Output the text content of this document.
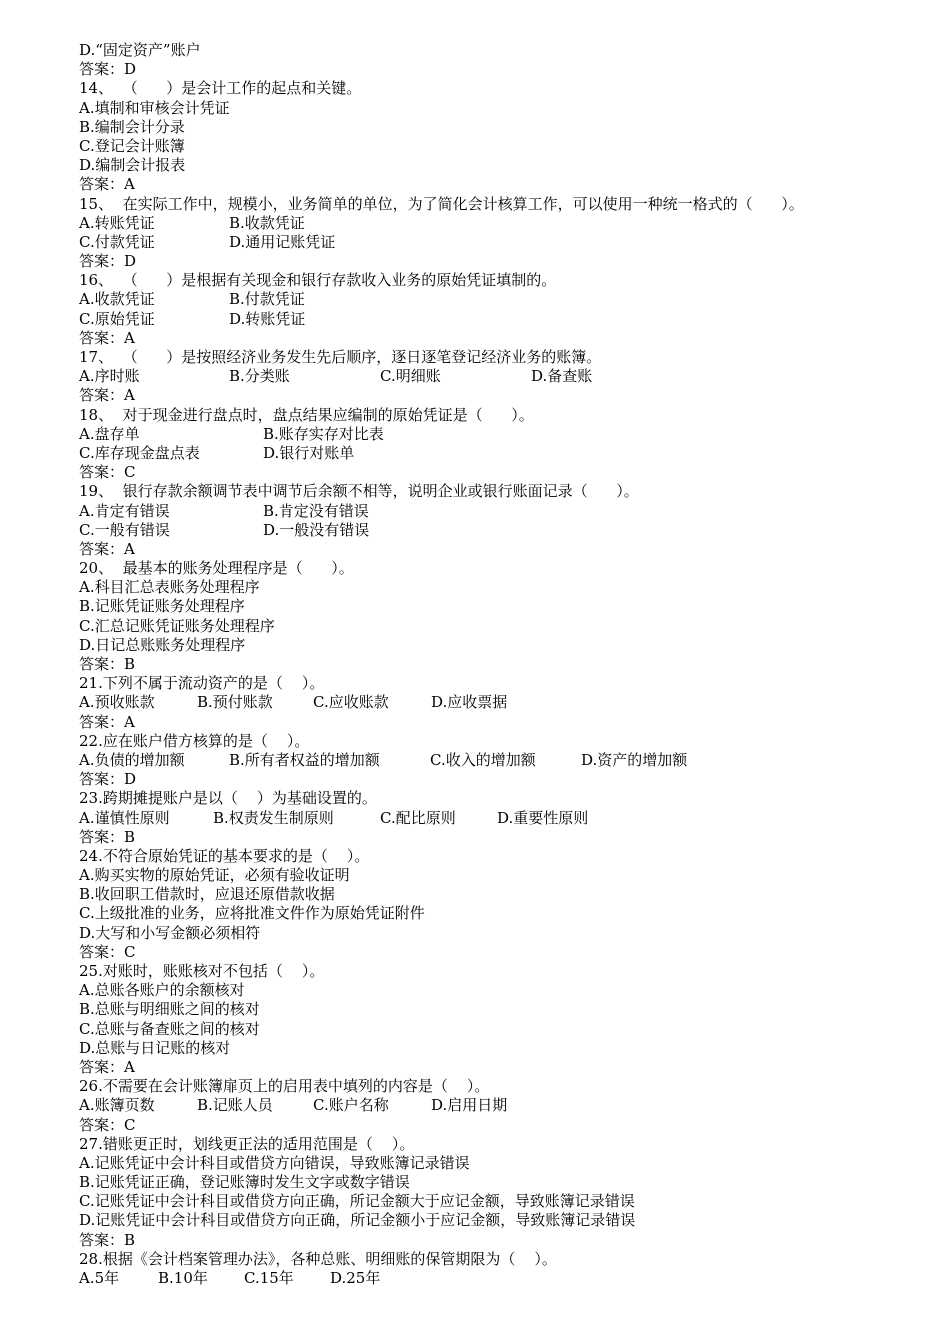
D.“固定资产”账户
答案：D
14、  （      ）是会计工作的起点和关键。
A.填制和审核会计凭证
B.编制会计分录
C.登记会计账簿
D.编制会计报表
答案：A
15、  在实际工作中，规模小，业务简单的单位，为了简化会计核算工作，可以使用一种统一格式的（      ）。
A.转账凭证	B.收款凭证
C.付款凭证	D.通用记账凭证
答案：D
16、  （      ）是根据有关现金和银行存款收入业务的原始凭证填制的。
A.收款凭证	B.付款凭证
C.原始凭证	D.转账凭证
答案：A
17、  （      ）是按照经济业务发生先后顺序，逐日逐笔登记经济业务的账簿。
A.序时账	B.分类账	C.明细账	D.备查账
答案：A
18、  对于现金进行盘点时，盘点结果应编制的原始凭证是（      ）。
A.盘存单	B.账存实存对比表
C.库存现金盘点表	D.银行对账单
答案：C
19、  银行存款余额调节表中调节后余额不相等，说明企业或银行账面记录（      ）。
A.肯定有错误	B.肯定没有错误
C.一般有错误	D.一般没有错误
答案：A
20、  最基本的账务处理程序是（      ）。
A.科目汇总表账务处理程序
B.记账凭证账务处理程序
C.汇总记账凭证账务处理程序
D.日记总账账务处理程序
答案：B
21.下列不属于流动资产的是（    ）。
A.预收账款	B.预付账款	C.应收账款	D.应收票据
答案：A
22.应在账户借方核算的是（    ）。
A.负债的增加额	B.所有者权益的增加额	C.收入的增加额	D.资产的增加额
答案：D
23.跨期摊提账户是以（    ）为基础设置的。
A.谨慎性原则	B.权责发生制原则	C.配比原则	D.重要性原则
答案：B
24.不符合原始凭证的基本要求的是（    ）。
A.购买实物的原始凭证，必须有验收证明
B.收回职工借款时，应退还原借款收据
C.上级批准的业务，应将批准文件作为原始凭证附件
D.大写和小写金额必须相符
答案：C
25.对账时，账账核对不包括（    ）。
A.总账各账户的余额核对
B.总账与明细账之间的核对
C.总账与备查账之间的核对
D.总账与日记账的核对
答案：A
26.不需要在会计账簿扉页上的启用表中填列的内容是（    ）。
A.账簿页数	B.记账人员	C.账户名称	D.启用日期
答案：C
27.错账更正时，划线更正法的适用范围是（    ）。
A.记账凭证中会计科目或借贷方向错误，导致账簿记录错误
B.记账凭证正确，登记账簿时发生文字或数字错误
C.记账凭证中会计科目或借贷方向正确，所记金额大于应记金额，导致账簿记录错误
D.记账凭证中会计科目或借贷方向正确，所记金额小于应记金额，导致账簿记录错误
答案：B
28.根据《会计档案管理办法》，各种总账、明细账的保管期限为（    ）。
A.5年	B.10年	C.15年	D.25年
